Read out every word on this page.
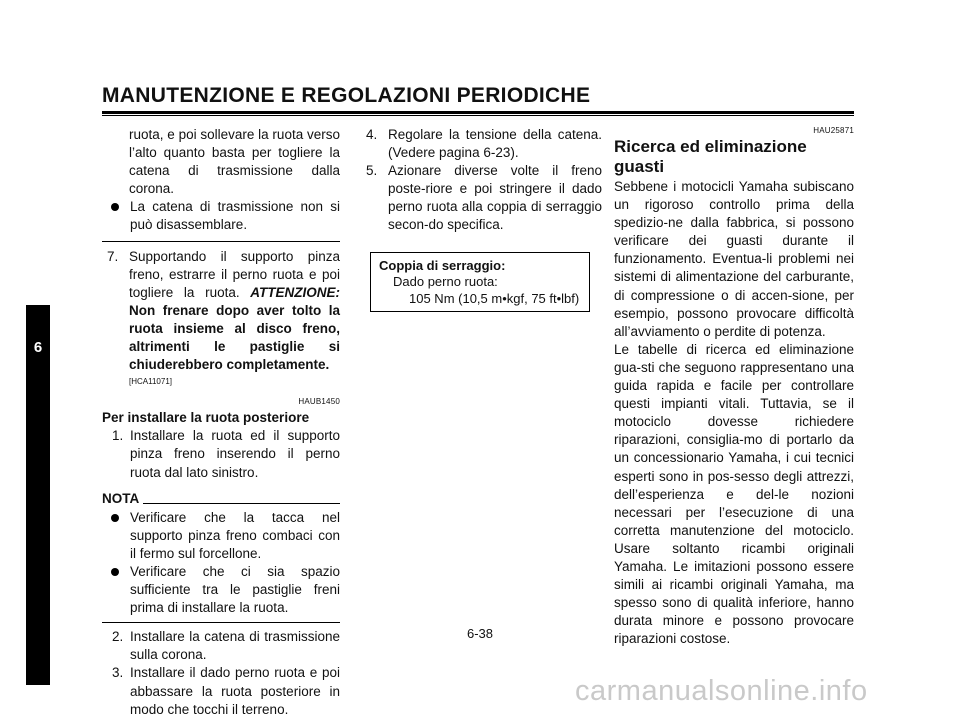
MANUTENZIONE E REGOLAZIONI PERIODICHE
6

ruota, e poi sollevare la ruota verso l’alto quanto basta per togliere la catena di trasmissione dalla corona.

La catena di trasmissione non si può disassemblare.

7. Supportando il supporto pinza freno, estrarre il perno ruota e poi togliere la ruota. ATTENZIONE: Non frenare dopo aver tolto la ruota insieme al disco freno, altrimenti le pastiglie si chiuderebbero completamente.

[HCA11071]
HAUB1450
Per installare la ruota posteriore
1. Installare la ruota ed il supporto pinza freno inserendo il perno ruota dal lato sinistro.

NOTA

Verificare che la tacca nel supporto pinza freno combaci con il fermo sul forcellone.

Verificare che ci sia spazio sufficiente tra le pastiglie freni prima di installare la ruota.

2. Installare la catena di trasmissione sulla corona.

3. Installare il dado perno ruota e poi abbassare la ruota posteriore in modo che tocchi il terreno.

4. Regolare la tensione della catena. (Vedere pagina 6-23).

5. Azionare diverse volte il freno poste-riore e poi stringere il dado perno ruota alla coppia di serraggio secon-do specifica.

Coppia di serraggio:
Dado perno ruota:
105 Nm (10,5 m•kgf, 75 ft•lbf)
HAU25871
Ricerca ed eliminazione guasti

Sebbene i motocicli Yamaha subiscano un rigoroso controllo prima della spedizio-ne dalla fabbrica, si possono verificare dei guasti durante il funzionamento. Eventua-li problemi nei sistemi di alimentazione del carburante, di compressione o di accen-sione, per esempio, possono provocare difficoltà all’avviamento o perdite di potenza.

Le tabelle di ricerca ed eliminazione gua-sti che seguono rappresentano una guida rapida e facile per controllare questi impianti vitali. Tuttavia, se il motociclo dovesse richiedere riparazioni, consiglia-mo di portarlo da un concessionario Yamaha, i cui tecnici esperti sono in pos-sesso degli attrezzi, dell’esperienza e del-le nozioni necessari per l’esecuzione di una corretta manutenzione del motociclo. Usare soltanto ricambi originali Yamaha. Le imitazioni possono essere simili ai ricambi originali Yamaha, ma spesso sono di qualità inferiore, hanno durata minore e possono provocare riparazioni costose.

6-38
carmanualsonline.info
